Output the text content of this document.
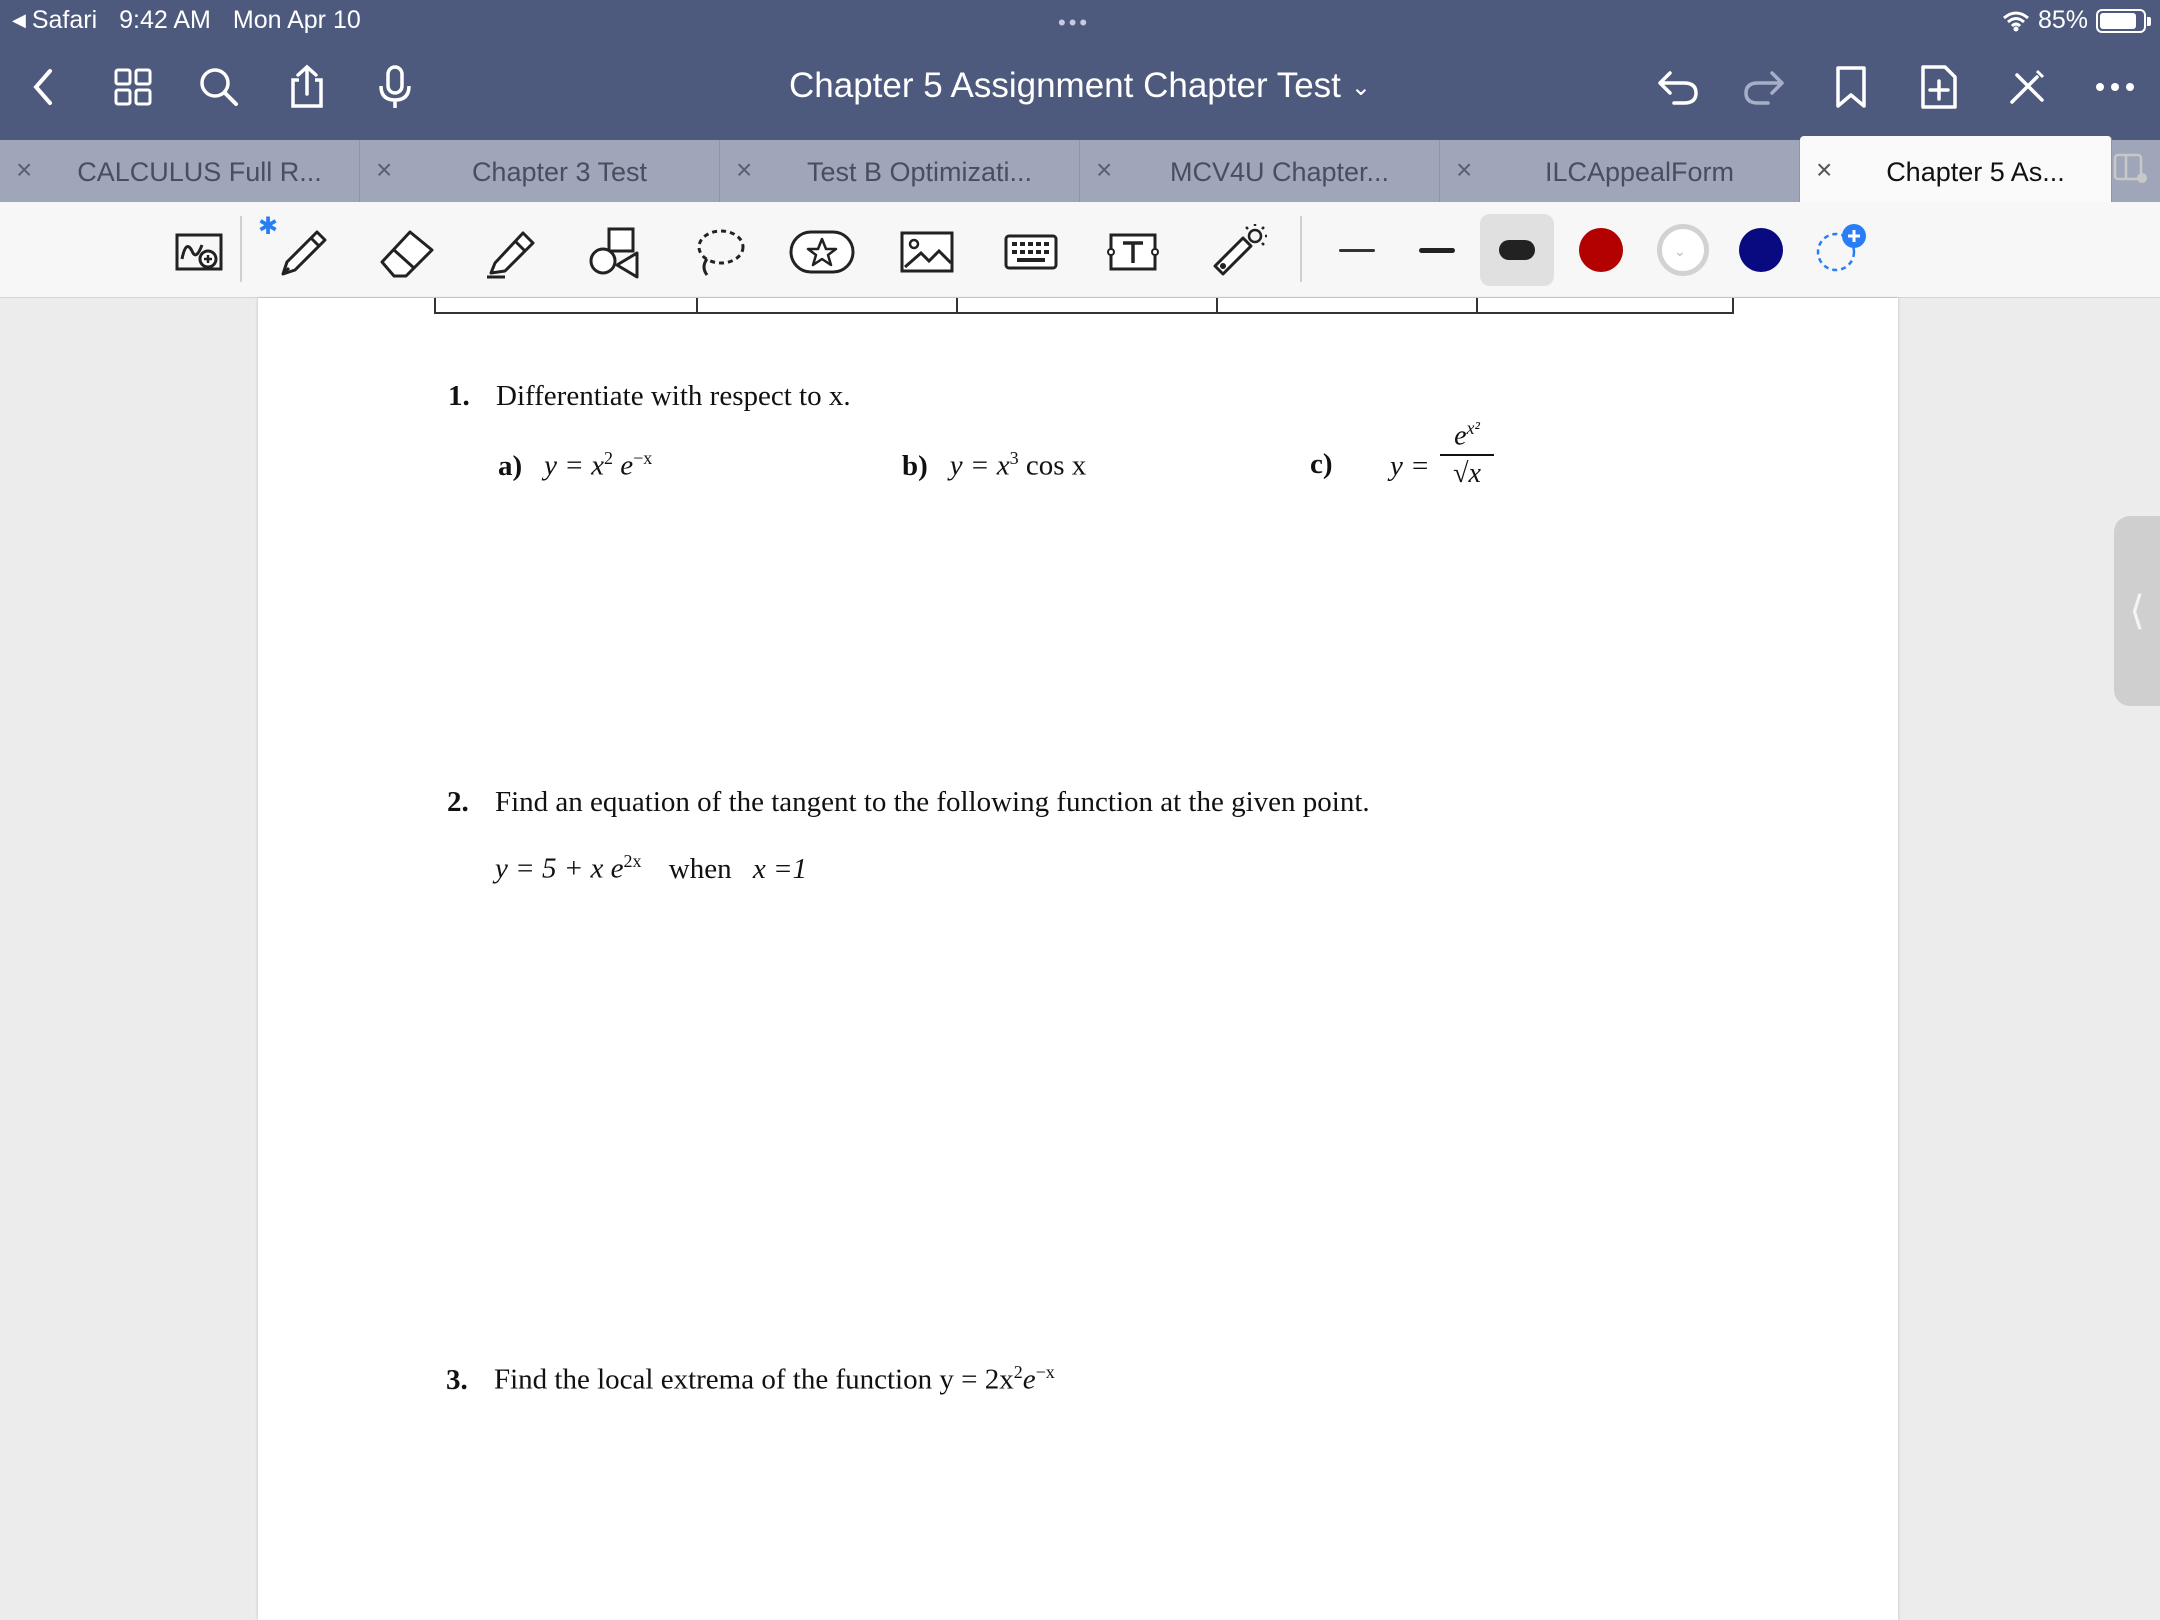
◀ Safari 9:42 AM Mon Apr 10	•••	85%
Chapter 5 Assignment Chapter Test ⌄
×	CALCULUS Full R...	×	Chapter 3 Test	×	Test B Optimizati...	×	MCV4U Chapter...	×	ILCAppealForm	×	Chapter 5 As...
✱
⌄
1. Differentiate with respect to x.
a) $y = x^2$ $e^{-x}$	b) $y = x^3$ cos x	c)	y =
$e^{x^2}$
√x
2. Find an equation of the tangent to the following function at the given point.
y = 5 + x $e^{2x}$ when x =1
3. Find the local extrema of the function $y = 2x^2e^{-x}$
⟨
